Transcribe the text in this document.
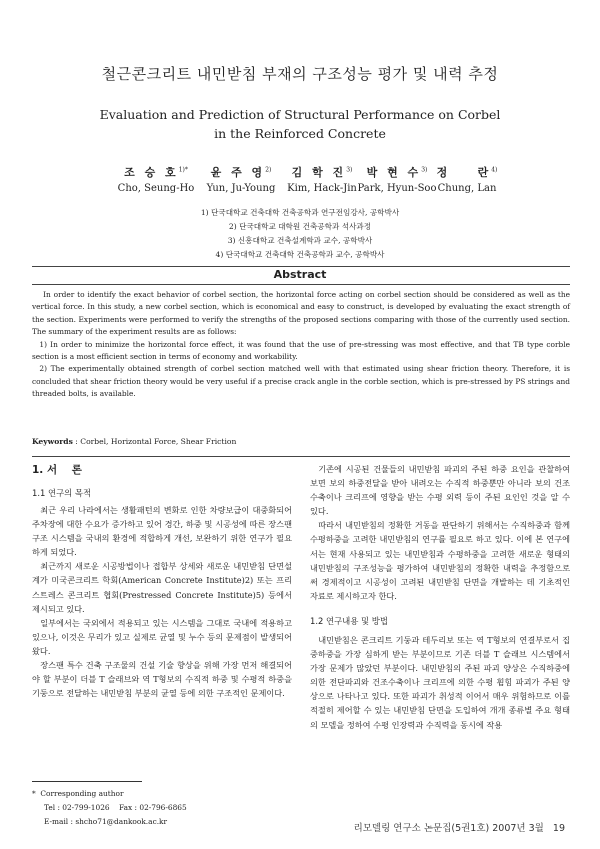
철근콘크리트 내민받침 부재의 구조성능 평가 및 내력 추정
Evaluation and Prediction of Structural Performance on Corbel
in the Reinforced Concrete
조 승 호$^{1)*}$
Cho, Seung-Ho
윤 주 영$^{2)}$
Yun, Ju-Young
김 학 진$^{3)}$
Kim, Hack-Jin
박 현 수$^{3)}$
Park, Hyun-Soo
정    란$^{4)}$
Chung, Lan
1) 단국대학교 건축대학 건축공학과 연구전임강사, 공학박사
2) 단국대학교 대학원 건축공학과 석사과정
3) 신흥대학교 건축설계학과 교수, 공학박사
4) 단국대학교 건축대학 건축공학과 교수, 공학박사
Abstract

In order to identify the exact behavior of corbel section, the horizontal force acting on corbel section should be considered as well as the vertical force. In this study, a new corbel section, which is economical and easy to construct, is developed by evaluating the exact strength of the section. Experiments were performed to verify the strengths of the proposed sections comparing with those of the currently used section. The summary of the experiment results are as follows:

1) In order to minimize the horizontal force effect, it was found that the use of pre-stressing was most effective, and that TB type corble section is a most efficient section in terms of economy and workability.

2) The experimentally obtained strength of corbel section matched well with that estimated using shear friction theory. Therefore, it is concluded that shear friction theory would be very useful if a precise crack angle in the corble section, which is pre-stressed by PS strings and threaded bolts, is available.

Keywords : Corbel, Horizontal Force, Shear Friction
1. 서    론
1.1 연구의 목적

최근 우리 나라에서는 생활패턴의 변화로 인한 차량보급이 대중화되어 주차장에 대한 수요가 증가하고 있어 경간, 하중 및 시공성에 따른 장스팬 구조 시스템을 국내의 환경에 적합하게 개선, 보완하기 위한 연구가 필요하게 되었다.

최근까지 새로운 시공방법이나 접합부 상세와 새로운 내민받침 단면설계가 미국콘크리트 학회(American Concrete Institute)2) 또는 프리스트레스 콘크리트 협회(Prestressed Concrete Institute)5) 등에서 제시되고 있다.

일부에서는 국외에서 적용되고 있는 시스템을 그대로 국내에 적용하고 있으나, 이것은 무리가 있고 실제로 균열 및 누수 등의 문제점이 발생되어 왔다.

장스팬 특수 건축 구조물의 건설 기술 향상을 위해 가장 먼저 해결되어야 할 부분이 더블 T 슬래브와 역 T형보의 수직적 하중 및 수평적 하중을 기둥으로 전달하는 내민받침 부분의 균열 등에 의한 구조적인 문제이다.

*  Corresponding author
Tel : 02-799-1026    Fax : 02-796-6865
E-mail : shcho71@dankook.ac.kr

기존에 시공된 건물들의 내민받침 파괴의 주된 하중 요인을 관찰하여 보면 보의 하중전달을 받아 내려오는 수직적 하중뿐만 아니라 보의 건조수축이나 크리프에 영향을 받는 수평 외력 등이 주된 요인인 것을 알 수 있다.

따라서 내민받침의 정확한 거동을 판단하기 위해서는 수직하중과 함께 수평하중을 고려한 내민받침의 연구를 필요로 하고 있다. 이에 본 연구에서는 현재 사용되고 있는 내민받침과 수평하중을 고려한 새로운 형태의 내민받침의 구조성능을 평가하여 내민받침의 정확한 내력을 추정함으로써 경제적이고 시공성이 고려된 내민받침 단면을 개발하는 데 기초적인 자료로 제시하고자 한다.

1.2 연구내용 및 방법

내민받침은 콘크리트 기둥과 테두리보 또는 역 T형보의 연결부로서 집중하중을 가장 심하게 받는 부분이므로 기존 더블 T 슬래브 시스템에서 가장 문제가 많았던 부분이다. 내민받침의 주된 파괴 양상은 수직하중에 의한 전단파괴와 건조수축이나 크리프에 의한 수평 휨힘 파괴가 주된 양상으로 나타나고 있다. 또한 파괴가 취성적 이어서 매우 위험하므로 이를 적절히 제어할 수 있는 내민받침 단면을 도입하여 개개 종류별 주요 형태의 모델을 정하여 수평 인장력과 수직력을 동시에 작용

리모델링 연구소 논문집(5권1호) 2007년 3월   19
